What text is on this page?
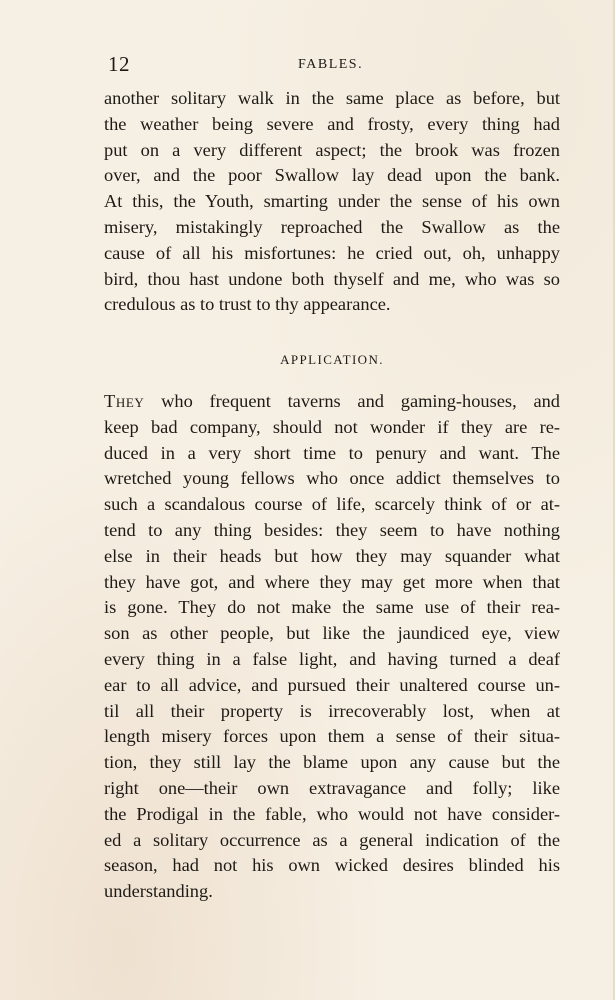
12	FABLES.
another solitary walk in the same place as before, but
the weather being severe and frosty, every thing had
put on a very different aspect; the brook was frozen
over, and the poor Swallow lay dead upon the bank.
At this, the Youth, smarting under the sense of his own
misery, mistakingly reproached the Swallow as the
cause of all his misfortunes: he cried out, oh, unhappy
bird, thou hast undone both thyself and me, who was so
credulous as to trust to thy appearance.
APPLICATION.
They who frequent taverns and gaming-houses, and
keep bad company, should not wonder if they are re-
duced in a very short time to penury and want. The
wretched young fellows who once addict themselves to
such a scandalous course of life, scarcely think of or at-
tend to any thing besides: they seem to have nothing
else in their heads but how they may squander what
they have got, and where they may get more when that
is gone. They do not make the same use of their rea-
son as other people, but like the jaundiced eye, view
every thing in a false light, and having turned a deaf
ear to all advice, and pursued their unaltered course un-
til all their property is irrecoverably lost, when at
length misery forces upon them a sense of their situa-
tion, they still lay the blame upon any cause but the
right one—their own extravagance and folly; like
the Prodigal in the fable, who would not have consider-
ed a solitary occurrence as a general indication of the
season, had not his own wicked desires blinded his
understanding.
